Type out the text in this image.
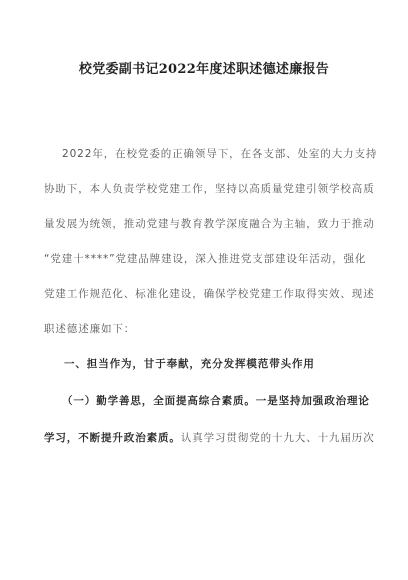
校党委副书记2022年度述职述德述廉报告
2022年，在校党委的正确领导下，在各支部、处室的大力支持
协助下，本人负责学校党建工作，坚持以高质量党建引领学校高质
量发展为统领，推动党建与教育教学深度融合为主轴，致力于推动
“党建十****”党建品牌建设，深入推进党支部建设年活动，强化
党建工作规范化、标准化建设，确保学校党建工作取得实效、现述
职述德述廉如下：
一、担当作为，甘于奉献，充分发挥模范带头作用
（一）勤学善思，全面提高综合素质。一是坚持加强政治理论
学习，不断提升政治素质。认真学习贯彻党的十九大、十九届历次
